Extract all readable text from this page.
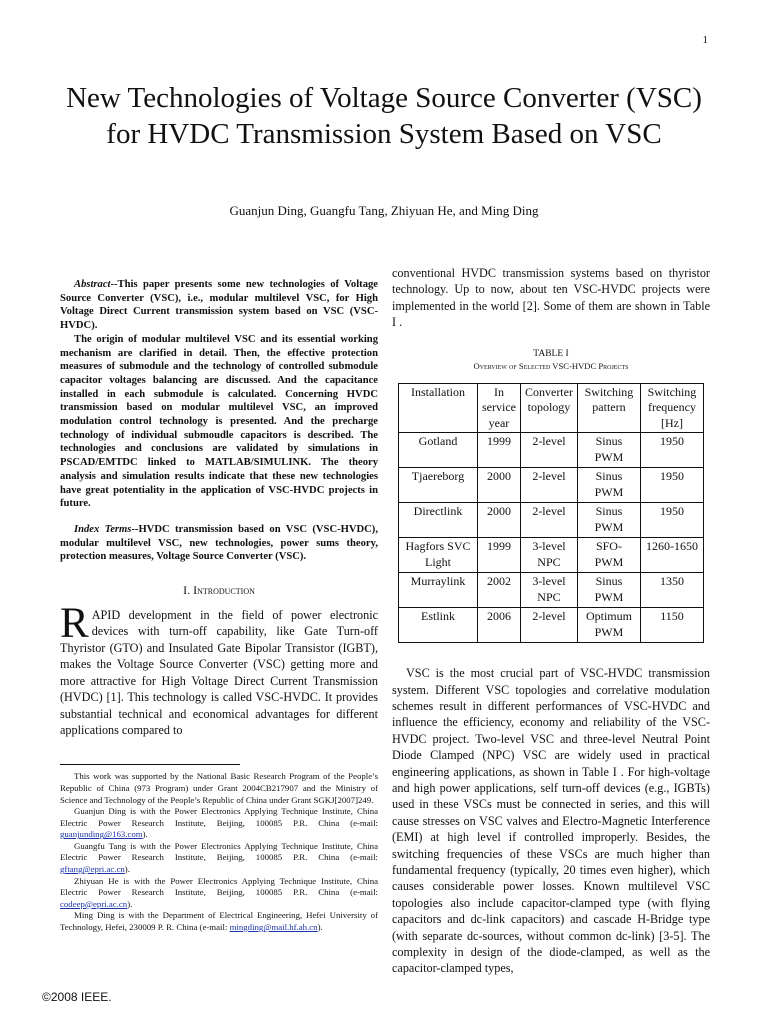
1
New Technologies of Voltage Source Converter (VSC) for HVDC Transmission System Based on VSC
Guanjun Ding, Guangfu Tang, Zhiyuan He, and Ming Ding

Abstract--This paper presents some new technologies of Voltage Source Converter (VSC), i.e., modular multilevel VSC, for High Voltage Direct Current transmission system based on VSC (VSC-HVDC).

The origin of modular multilevel VSC and its essential working mechanism are clarified in detail. Then, the effective protection measures of submodule and the technology of controlled submodule capacitor voltages balancing are discussed. And the capacitance installed in each submodule is calculated. Concerning HVDC transmission based on modular multilevel VSC, an improved modulation control technology is presented. And the precharge technology of individual submoudle capacitors is described. The technologies and conclusions are validated by simulations in PSCAD/EMTDC linked to MATLAB/SIMULINK. The theory analysis and simulation results indicate that these new technologies have great potentiality in the application of VSC-HVDC projects in future.

Index Terms--HVDC transmission based on VSC (VSC-HVDC), modular multilevel VSC, new technologies, power sums theory, protection measures, Voltage Source Converter (VSC).
I. Introduction

RAPID development in the field of power electronic devices with turn-off capability, like Gate Turn-off Thyristor (GTO) and Insulated Gate Bipolar Transistor (IGBT), makes the Voltage Source Converter (VSC) getting more and more attractive for High Voltage Direct Current Transmission (HVDC) [1]. This technology is called VSC-HVDC. It provides substantial technical and economical advantages for different applications compared to

This work was supported by the National Basic Research Program of the People’s Republic of China (973 Program) under Grant 2004CB217907 and the Ministry of Science and Technology of the People’s Republic of China under Grant SGKJ[2007]249.

Guanjun Ding is with the Power Electronics Applying Technique Institute, China Electric Power Research Institute, Beijing, 100085 P.R. China (e-mail: guanjunding@163.com).

Guangfu Tang is with the Power Electronics Applying Technique Institute, China Electric Power Research Institute, Beijing, 100085 P.R. China (e-mail: gftang@epri.ac.cn).

Zhiyuan He is with the Power Electronics Applying Technique Institute, China Electric Power Research Institute, Beijing, 100085 P.R. China (e-mail: codeep@epri.ac.cn).

Ming Ding is with the Department of Electrical Engineering, Hefei University of Technology, Hefei, 230009 P. R. China (e-mail: mingding@mail.hf.ah.cn).

conventional HVDC transmission systems based on thyristor technology. Up to now, about ten VSC-HVDC projects were implemented in the world [2]. Some of them are shown in Table I .

TABLE I
Overview of Selected VSC-HVDC Projects
Installation	In service year	Converter topology	Switching pattern	Switching frequency [Hz]
Gotland	1999	2-level	Sinus PWM	1950
Tjaereborg	2000	2-level	Sinus PWM	1950
Directlink	2000	2-level	Sinus PWM	1950
Hagfors SVC Light	1999	3-level NPC	SFO-PWM	1260-1650
Murraylink	2002	3-level NPC	Sinus PWM	1350
Estlink	2006	2-level	Optimum PWM	1150

VSC is the most crucial part of VSC-HVDC transmission system. Different VSC topologies and correlative modulation schemes result in different performances of VSC-HVDC and influence the efficiency, economy and reliability of the VSC-HVDC project. Two-level VSC and three-level Neutral Point Diode Clamped (NPC) VSC are widely used in practical engineering applications, as shown in Table I . For high-voltage and high power applications, self turn-off devices (e.g., IGBTs) used in these VSCs must be connected in series, and this will cause stresses on VSC valves and Electro-Magnetic Interference (EMI) at high level if controlled improperly. Besides, the switching frequencies of these VSCs are much higher than fundamental frequency (typically, 20 times even higher), which causes considerable power losses. Known multilevel VSC topologies also include capacitor-clamped type (with flying capacitors and dc-link capacitors) and cascade H-Bridge type (with separate dc-sources, without common dc-link) [3-5]. The complexity in design of the diode-clamped, as well as the capacitor-clamped types,

©2008 IEEE.
